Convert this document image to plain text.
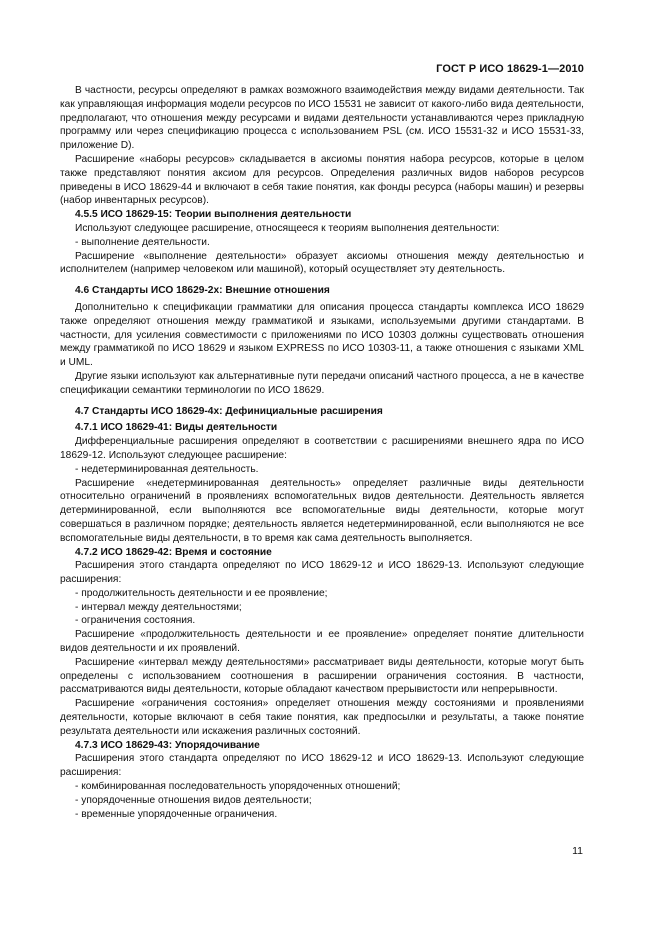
ГОСТ Р ИСО 18629-1—2010

В частности, ресурсы определяют в рамках возможного взаимодействия между видами деятельности. Так как управляющая информация модели ресурсов по ИСО 15531 не зависит от какого-либо вида деятельности, предполагают, что отношения между ресурсами и видами деятельности устанавливаются через прикладную программу или через спецификацию процесса с использованием PSL (см. ИСО 15531-32 и ИСО 15531-33, приложение D).

Расширение «наборы ресурсов» складывается в аксиомы понятия набора ресурсов, которые в целом также представляют понятия аксиом для ресурсов. Определения различных видов наборов ресурсов приведены в ИСО 18629-44 и включают в себя такие понятия, как фонды ресурса (наборы машин) и резервы (набор инвентарных ресурсов).

4.5.5 ИСО 18629-15: Теории выполнения деятельности

Используют следующее расширение, относящееся к теориям выполнения деятельности:

- выполнение деятельности.

Расширение «выполнение деятельности» образует аксиомы отношения между деятельностью и исполнителем (например человеком или машиной), который осуществляет эту деятельность.

4.6 Стандарты ИСО 18629-2х: Внешние отношения

Дополнительно к спецификации грамматики для описания процесса стандарты комплекса ИСО 18629 также определяют отношения между грамматикой и языками, используемыми другими стандартами. В частности, для усиления совместимости с приложениями по ИСО 10303 должны существовать отношения между грамматикой по ИСО 18629 и языком EXPRESS по ИСО 10303-11, а также отношения с языками XML и UML.

Другие языки используют как альтернативные пути передачи описаний частного процесса, а не в качестве спецификации семантики терминологии по ИСО 18629.

4.7 Стандарты ИСО 18629-4х: Дефинициальные расширения
4.7.1 ИСО 18629-41: Виды деятельности

Дифференциальные расширения определяют в соответствии с расширениями внешнего ядра по ИСО 18629-12. Используют следующее расширение:

- недетерминированная деятельность.

Расширение «недетерминированная деятельность» определяет различные виды деятельности относительно ограничений в проявлениях вспомогательных видов деятельности. Деятельность является детерминированной, если выполняются все вспомогательные виды деятельности, которые могут совершаться в различном порядке; деятельность является недетерминированной, если выполняются не все вспомогательные виды деятельности, в то время как сама деятельность выполняется.

4.7.2 ИСО 18629-42: Время и состояние

Расширения этого стандарта определяют по ИСО 18629-12 и ИСО 18629-13. Используют следующие расширения:

- продолжительность деятельности и ее проявление;
- интервал между деятельностями;
- ограничения состояния.

Расширение «продолжительность деятельности и ее проявление» определяет понятие длительности видов деятельности и их проявлений.

Расширение «интервал между деятельностями» рассматривает виды деятельности, которые могут быть определены с использованием соотношения в расширении ограничения состояния. В частности, рассматриваются виды деятельности, которые обладают качеством прерывистости или непрерывности.

Расширение «ограничения состояния» определяет отношения между состояниями и проявлениями деятельности, которые включают в себя такие понятия, как предпосылки и результаты, а также понятие результата деятельности или искажения различных состояний.

4.7.3 ИСО 18629-43: Упорядочивание

Расширения этого стандарта определяют по ИСО 18629-12 и ИСО 18629-13. Используют следующие расширения:

- комбинированная последовательность упорядоченных отношений;
- упорядоченные отношения видов деятельности;
- временные упорядоченные ограничения.
11
